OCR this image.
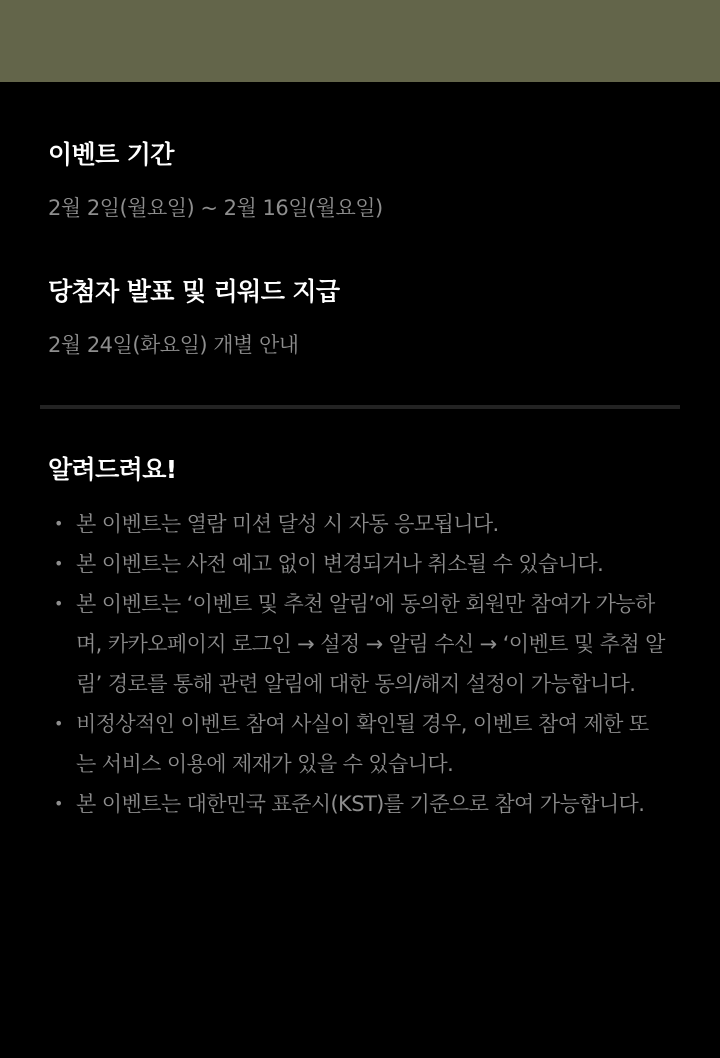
이벤트 기간

2월 2일(월요일) ~ 2월 16일(월요일)

당첨자 발표 및 리워드 지급

2월 24일(화요일) 개별 안내

알려드려요!
• 본 이벤트는 열람 미션 달성 시 자동 응모됩니다.
• 본 이벤트는 사전 예고 없이 변경되거나 취소될 수 있습니다.
• 본 이벤트는 ‘이벤트 및 추천 알림’에 동의한 회원만 참여가 가능하며, 카카오페이지 로그인 → 설정 → 알림 수신 → ‘이벤트 및 추첨 알림’ 경로를 통해 관련 알림에 대한 동의/해지 설정이 가능합니다.
• 비정상적인 이벤트 참여 사실이 확인될 경우, 이벤트 참여 제한 또는 서비스 이용에 제재가 있을 수 있습니다.
• 본 이벤트는 대한민국 표준시(KST)를 기준으로 참여 가능합니다.
